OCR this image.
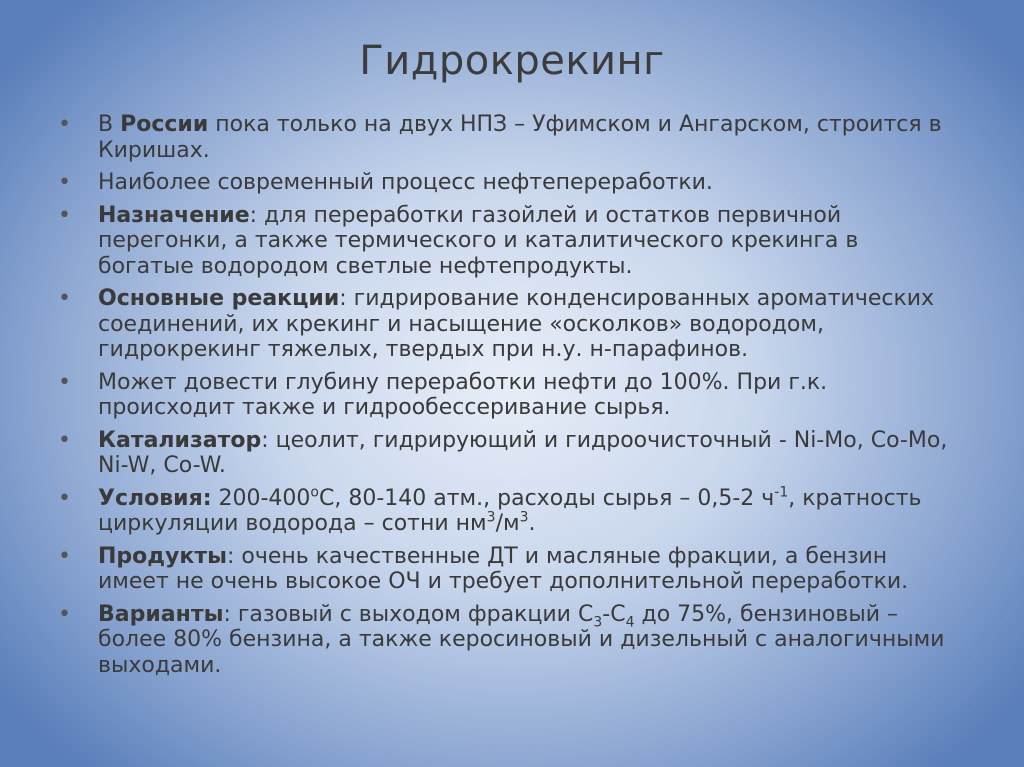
Гидрокрекинг
•	В России пока только на двух НПЗ – Уфимском и Ангарском, строится в Киришах.
•	Наиболее современный процесс нефтепереработки.
•	Назначение: для переработки газойлей и остатков первичной перегонки, а также термического и каталитического крекинга в богатые водородом светлые нефтепродукты.
•	Основные реакции: гидрирование конденсированных ароматических соединений, их крекинг и насыщение «осколков» водородом, гидрокрекинг тяжелых, твердых при н.у. н-парафинов.
•	Может довести глубину переработки нефти до 100%. При г.к. происходит также и гидрообессеривание сырья.
•	Катализатор: цеолит, гидрирующий и гидроочисточный - Ni-Mo, Co-Mo, Ni-W, Co-W.
•	Условия: $200-400^оС$, 80-140 атм., расходы сырья – 0,5-2 $ч^{-1}$, кратность циркуляции водорода – сотни $нм^3/м^3$.
•	Продукты: очень качественные ДТ и масляные фракции, а бензин имеет не очень высокое ОЧ и требует дополнительной переработки.
•	Варианты: газовый с выходом фракции $С_3-С_4$ до 75%, бензиновый – более 80% бензина, а также керосиновый и дизельный с аналогичными выходами.
